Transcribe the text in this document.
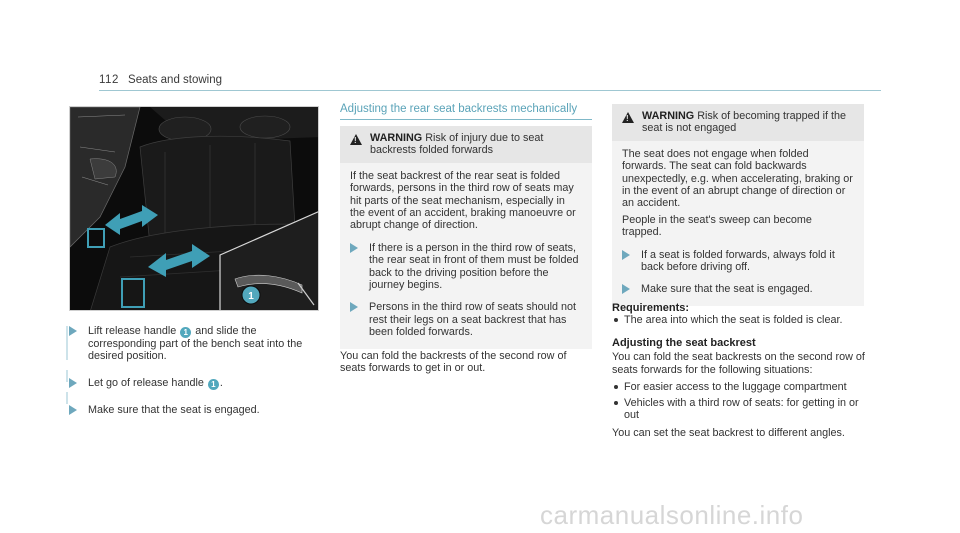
112 Seats and stowing
1
Lift release handle 1 and slide the corresponding part of the bench seat into the desired position.
Let go of release handle 1 .
Make sure that the seat is engaged.
Adjusting the rear seat backrests mechanically
!
WARNING Risk of injury due to seat backrests folded forwards

If the seat backrest of the rear seat is folded forwards, persons in the third row of seats may hit parts of the seat mechanism, especially in the event of an accident, braking manoeuvre or abrupt change of direction.

If there is a person in the third row of seats, the rear seat in front of them must be folded back to the driving position before the journey begins.
Persons in the third row of seats should not rest their legs on a seat backrest that has been folded forwards.
You can fold the backrests of the second row of seats forwards to get in or out.
!
WARNING Risk of becoming trapped if the seat is not engaged

The seat does not engage when folded forwards. The seat can fold backwards unexpectedly, e.g. when accelerating, braking or in the event of an abrupt change of direction or an accident.

People in the seat's sweep can become trapped.

If a seat is folded forwards, always fold it back before driving off.
Make sure that the seat is engaged.
Requirements:
The area into which the seat is folded is clear.
Adjusting the seat backrest
You can fold the seat backrests on the second row of seats forwards for the following situations:
For easier access to the luggage compartment
Vehicles with a third row of seats: for getting in or out
You can set the seat backrest to different angles.
carmanualsonline.info
